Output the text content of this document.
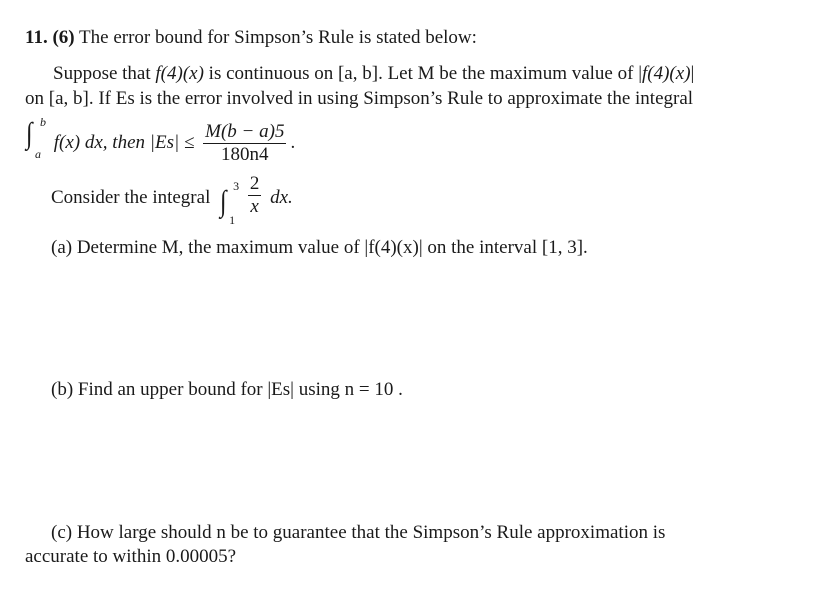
11. (6) The error bound for Simpson’s Rule is stated below:
Suppose that f(4)(x) is continuous on [a, b]. Let M be the maximum value of |f(4)(x)|
on [a, b]. If Es is the error involved in using Simpson’s Rule to approximate the integral
∫ b
a
f(x) dx, then $|Es| \le \frac{M(b - a)5}{180n4}$ .
Consider the integral ∫ 3
1

$\frac{2}{x}$ dx.
(a) Determine M, the maximum value of |f(4)(x)| on the interval [1, 3].
(b) Find an upper bound for |Es| using n = 10 .
(c) How large should n be to guarantee that the Simpson’s Rule approximation is
accurate to within 0.00005?
